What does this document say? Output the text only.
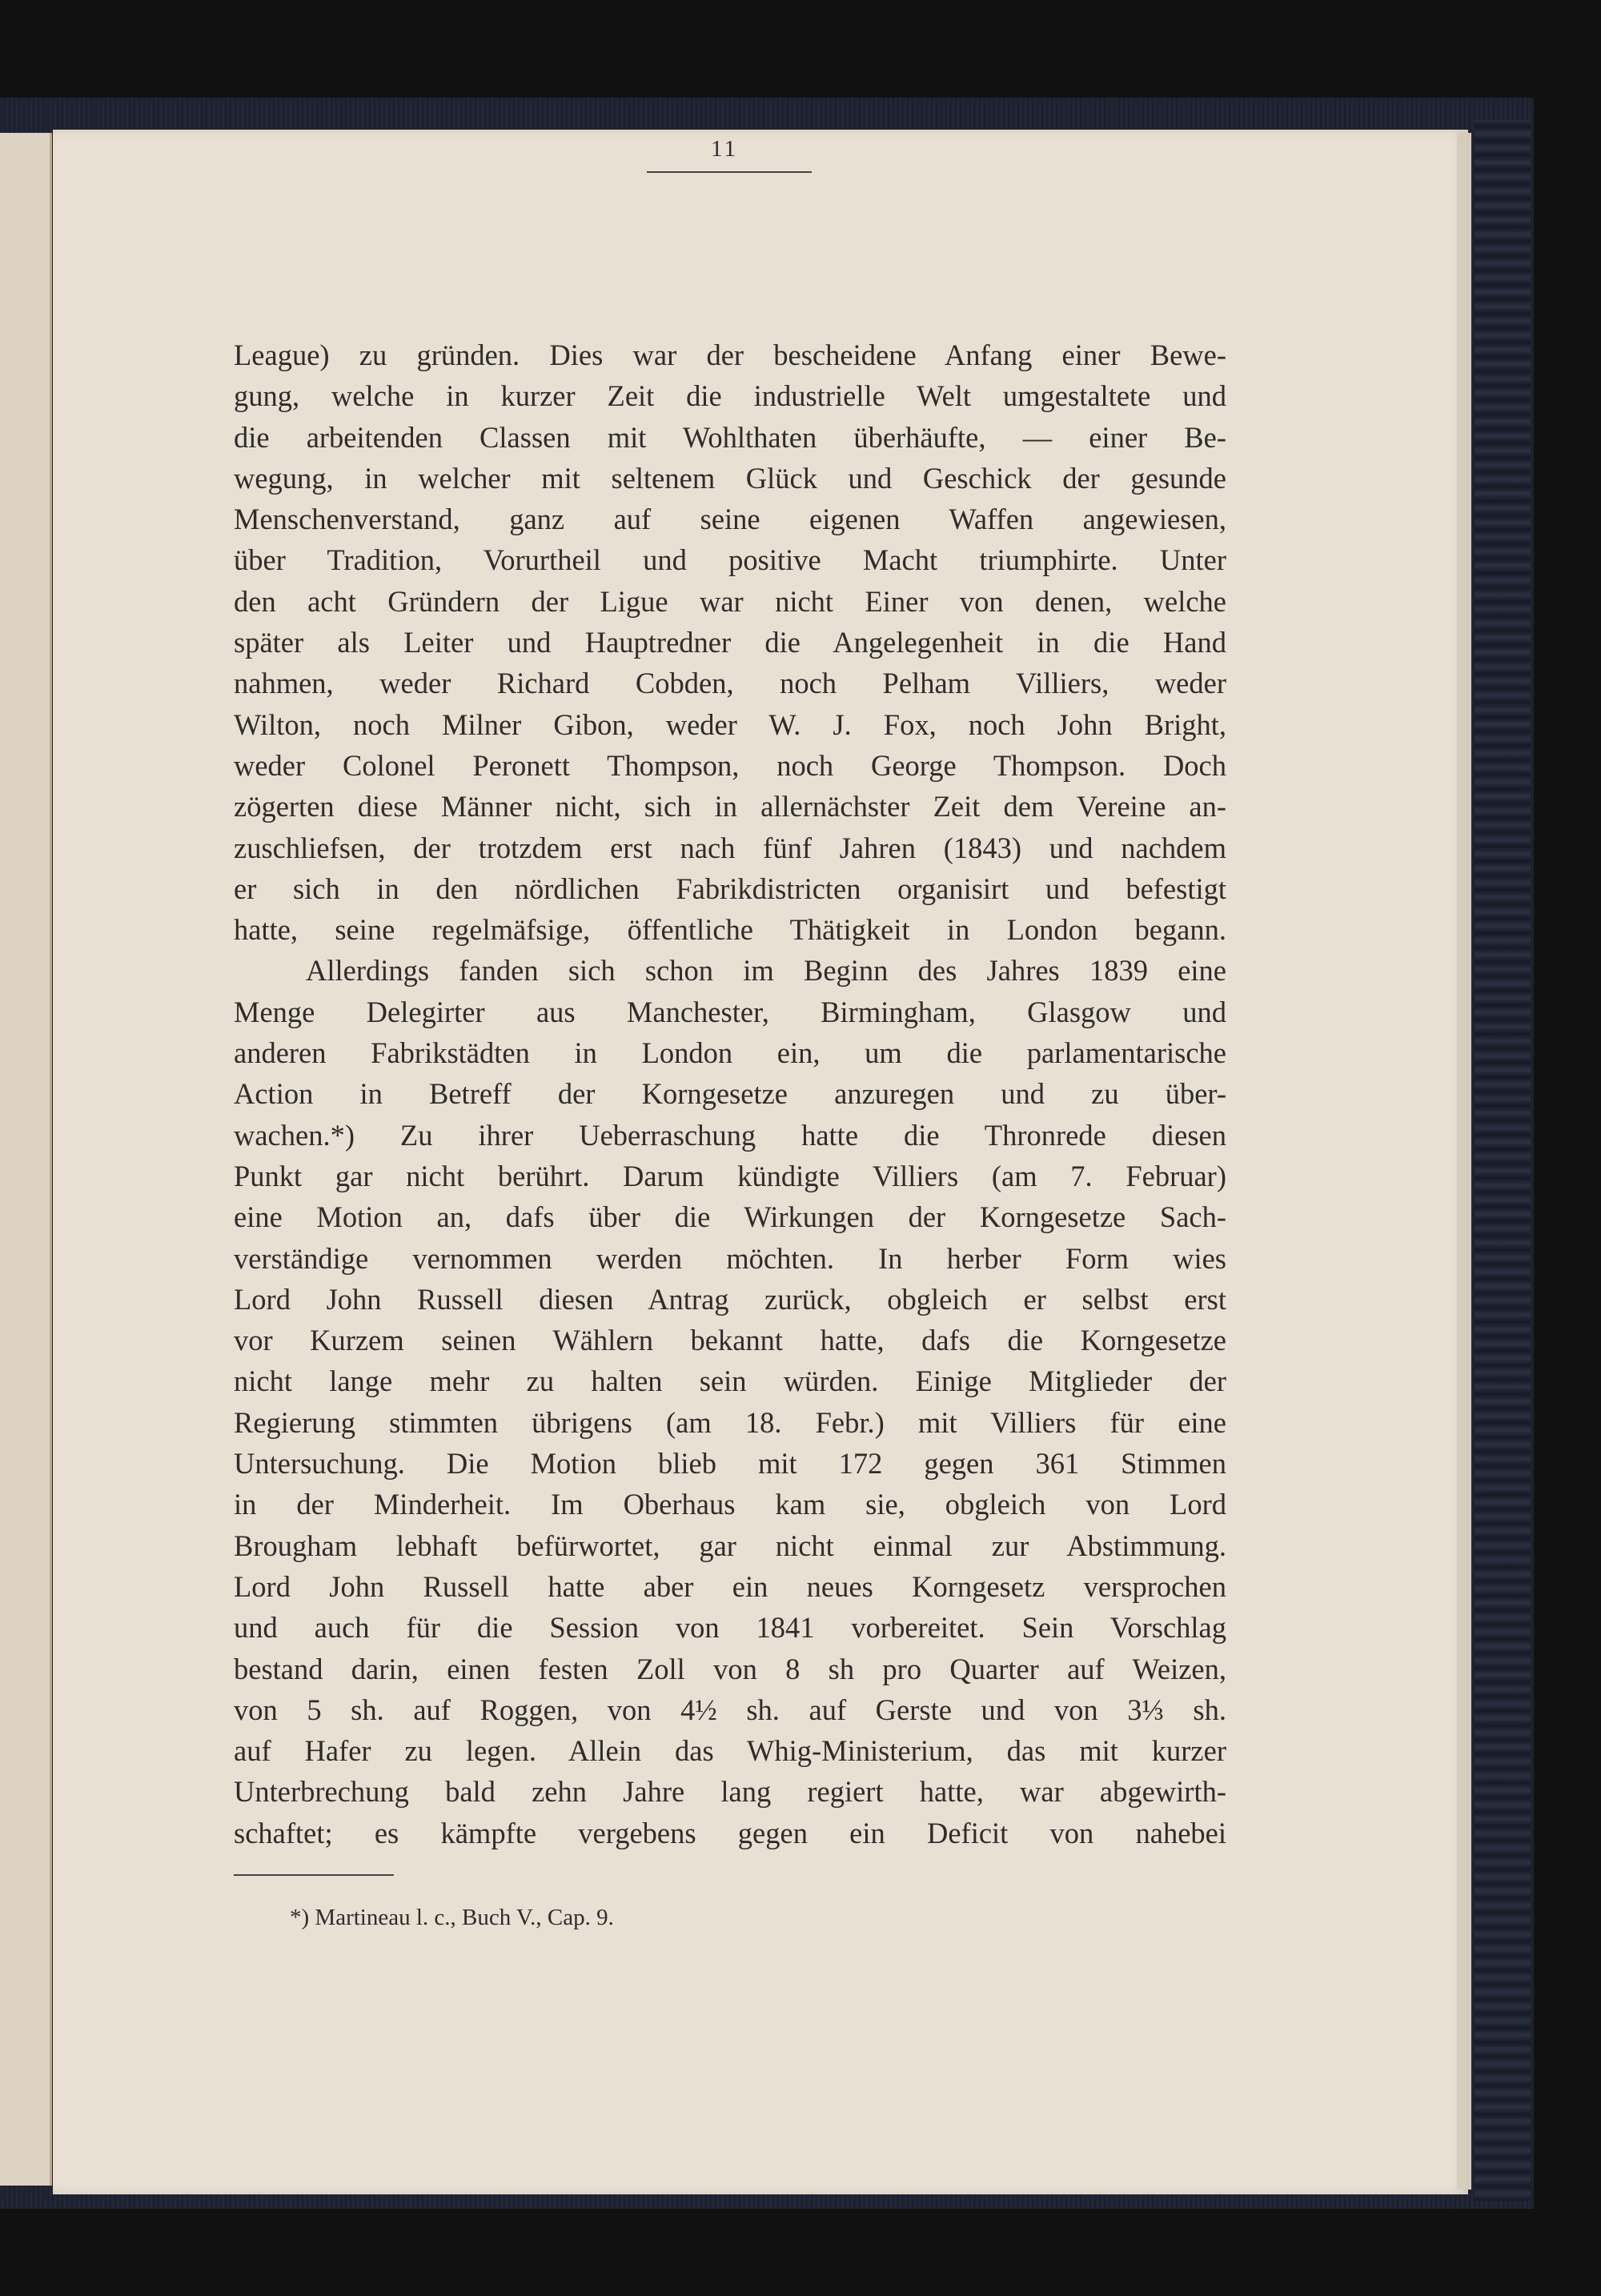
11
League) zu gründen. Dies war der bescheidene Anfang einer Bewe-
gung, welche in kurzer Zeit die industrielle Welt umgestaltete und
die arbeitenden Classen mit Wohlthaten überhäufte, — einer Be-
wegung, in welcher mit seltenem Glück und Geschick der gesunde
Menschenverstand, ganz auf seine eigenen Waffen angewiesen,
über Tradition, Vorurtheil und positive Macht triumphirte. Unter
den acht Gründern der Ligue war nicht Einer von denen, welche
später als Leiter und Hauptredner die Angelegenheit in die Hand
nahmen, weder Richard Cobden, noch Pelham Villiers, weder
Wilton, noch Milner Gibon, weder W. J. Fox, noch John Bright,
weder Colonel Peronett Thompson, noch George Thompson. Doch
zögerten diese Männer nicht, sich in allernächster Zeit dem Vereine an-
zuschliefsen, der trotzdem erst nach fünf Jahren (1843) und nachdem
er sich in den nördlichen Fabrikdistricten organisirt und befestigt
hatte, seine regelmäfsige, öffentliche Thätigkeit in London begann.
Allerdings fanden sich schon im Beginn des Jahres 1839 eine
Menge Delegirter aus Manchester, Birmingham, Glasgow und
anderen Fabrikstädten in London ein, um die parlamentarische
Action in Betreff der Korngesetze anzuregen und zu über-
wachen.*) Zu ihrer Ueberraschung hatte die Thronrede diesen
Punkt gar nicht berührt. Darum kündigte Villiers (am 7. Februar)
eine Motion an, dafs über die Wirkungen der Korngesetze Sach-
verständige vernommen werden möchten. In herber Form wies
Lord John Russell diesen Antrag zurück, obgleich er selbst erst
vor Kurzem seinen Wählern bekannt hatte, dafs die Korngesetze
nicht lange mehr zu halten sein würden. Einige Mitglieder der
Regierung stimmten übrigens (am 18. Febr.) mit Villiers für eine
Untersuchung. Die Motion blieb mit 172 gegen 361 Stimmen
in der Minderheit. Im Oberhaus kam sie, obgleich von Lord
Brougham lebhaft befürwortet, gar nicht einmal zur Abstimmung.
Lord John Russell hatte aber ein neues Korngesetz versprochen
und auch für die Session von 1841 vorbereitet. Sein Vorschlag
bestand darin, einen festen Zoll von 8 sh pro Quarter auf Weizen,
von 5 sh. auf Roggen, von 4½ sh. auf Gerste und von 3⅓ sh.
auf Hafer zu legen. Allein das Whig-Ministerium, das mit kurzer
Unterbrechung bald zehn Jahre lang regiert hatte, war abgewirth-
schaftet; es kämpfte vergebens gegen ein Deficit von nahebei
*) Martineau l. c., Buch V., Cap. 9.
